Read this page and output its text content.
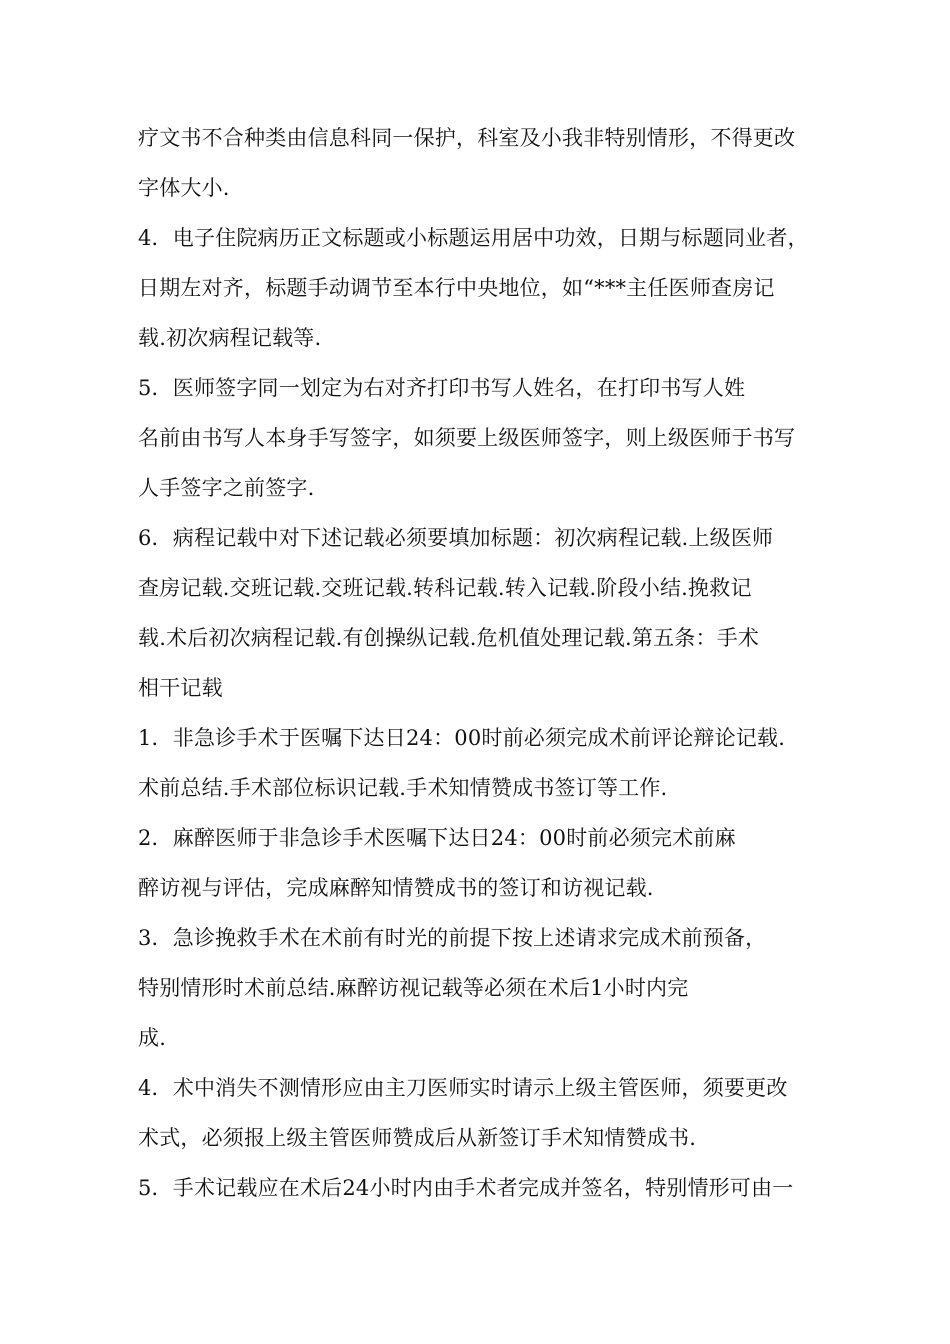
疗文书不合种类由信息科同一保护，科室及小我非特别情形，不得更改
字体大小.
4．电子住院病历正文标题或小标题运用居中功效，日期与标题同业者，
日期左对齐，标题手动调节至本行中央地位，如“***主任医师查房记
载.初次病程记载等.
5．医师签字同一划定为右对齐打印书写人姓名，在打印书写人姓
名前由书写人本身手写签字，如须要上级医师签字，则上级医师于书写
人手签字之前签字.
6．病程记载中对下述记载必须要填加标题：初次病程记载.上级医师
查房记载.交班记载.交班记载.转科记载.转入记载.阶段小结.挽救记
载.术后初次病程记载.有创操纵记载.危机值处理记载.第五条：手术
相干记载
1．非急诊手术于医嘱下达日24：00时前必须完成术前评论辩论记载.
术前总结.手术部位标识记载.手术知情赞成书签订等工作.
2．麻醉医师于非急诊手术医嘱下达日24：00时前必须完术前麻
醉访视与评估，完成麻醉知情赞成书的签订和访视记载.
3．急诊挽救手术在术前有时光的前提下按上述请求完成术前预备，
特别情形时术前总结.麻醉访视记载等必须在术后1小时内完
成.
4．术中消失不测情形应由主刀医师实时请示上级主管医师，须要更改
术式，必须报上级主管医师赞成后从新签订手术知情赞成书.
5．手术记载应在术后24小时内由手术者完成并签名，特别情形可由一
